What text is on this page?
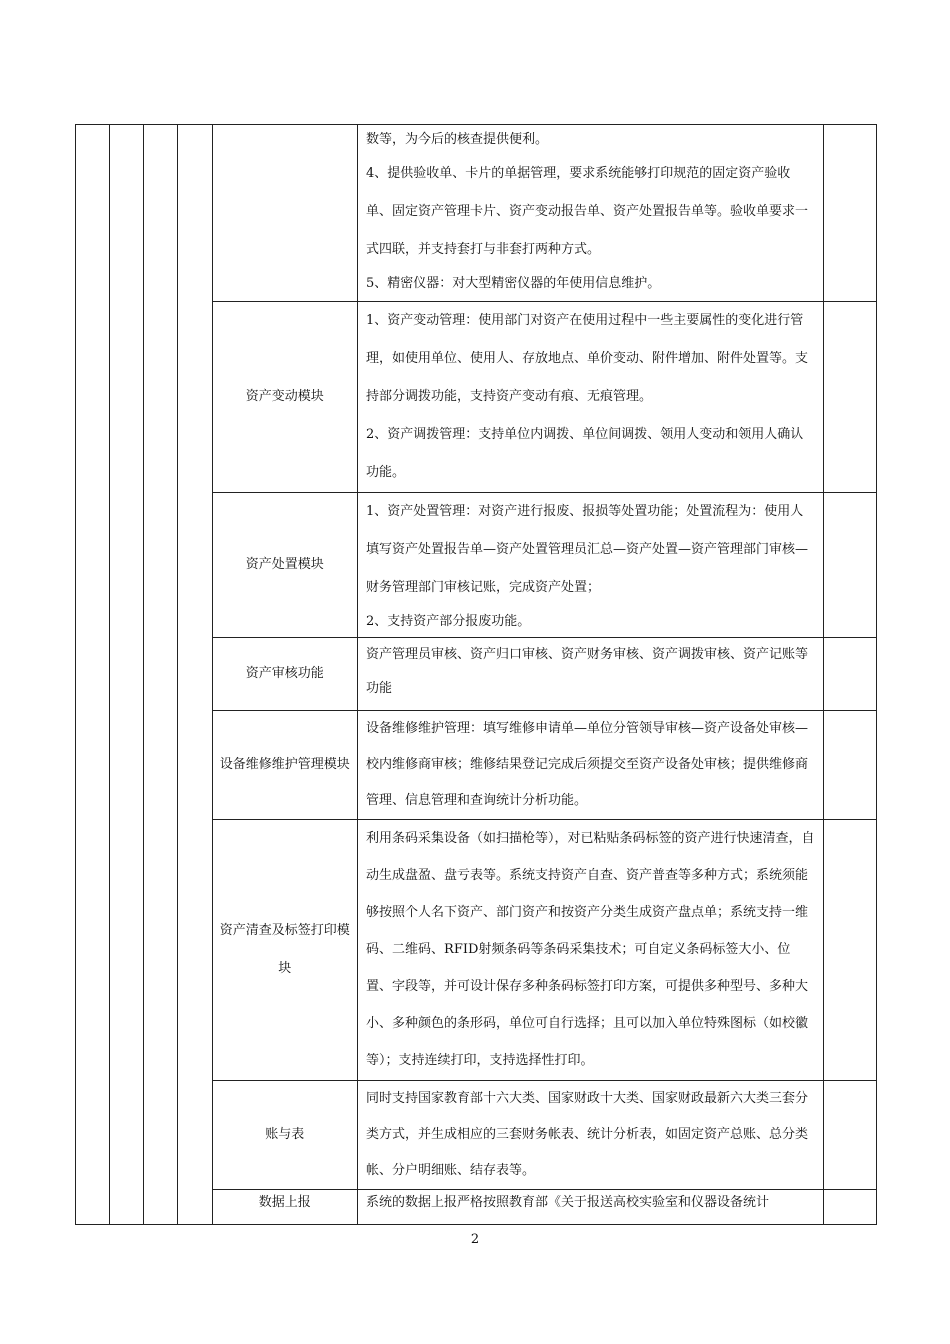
					数等，为今后的核查提供便利。

4、提供验收单、卡片的单据管理，要求系统能够打印规范的固定资产验收单、固定资产管理卡片、资产变动报告单、资产处置报告单等。验收单要求一式四联，并支持套打与非套打两种方式。

5、精密仪器：对大型精密仪器的年使用信息维护。	

				资产变动模块	1、资产变动管理：使用部门对资产在使用过程中一些主要属性的变化进行管理，如使用单位、使用人、存放地点、单价变动、附件增加、附件处置等。支持部分调拨功能，支持资产变动有痕、无痕管理。

2、资产调拨管理：支持单位内调拨、单位间调拨、领用人变动和领用人确认功能。	

				资产处置模块	1、资产处置管理：对资产进行报废、报损等处置功能；处置流程为：使用人填写资产处置报告单—资产处置管理员汇总—资产处置—资产管理部门审核—财务管理部门审核记账，完成资产处置；

2、支持资产部分报废功能。	

				资产审核功能	资产管理员审核、资产归口审核、资产财务审核、资产调拨审核、资产记账等功能	

				设备维修维护管理模块	设备维修维护管理：填写维修申请单—单位分管领导审核—资产设备处审核—校内维修商审核；维修结果登记完成后须提交至资产设备处审核；提供维修商管理、信息管理和查询统计分析功能。	

				资产清查及标签打印模块	利用条码采集设备（如扫描枪等），对已粘贴条码标签的资产进行快速清查，自动生成盘盈、盘亏表等。系统支持资产自查、资产普查等多种方式；系统须能够按照个人名下资产、部门资产和按资产分类生成资产盘点单；系统支持一维码、二维码、RFID射频条码等条码采集技术；可自定义条码标签大小、位置、字段等，并可设计保存多种条码标签打印方案，可提供多种型号、多种大小、多种颜色的条形码，单位可自行选择；且可以加入单位特殊图标（如校徽等）；支持连续打印，支持选择性打印。	

				账与表	同时支持国家教育部十六大类、国家财政十大类、国家财政最新六大类三套分类方式，并生成相应的三套财务帐表、统计分析表，如固定资产总账、总分类帐、分户明细账、结存表等。	

				数据上报	系统的数据上报严格按照教育部《关于报送高校实验室和仪器设备统计	

2
